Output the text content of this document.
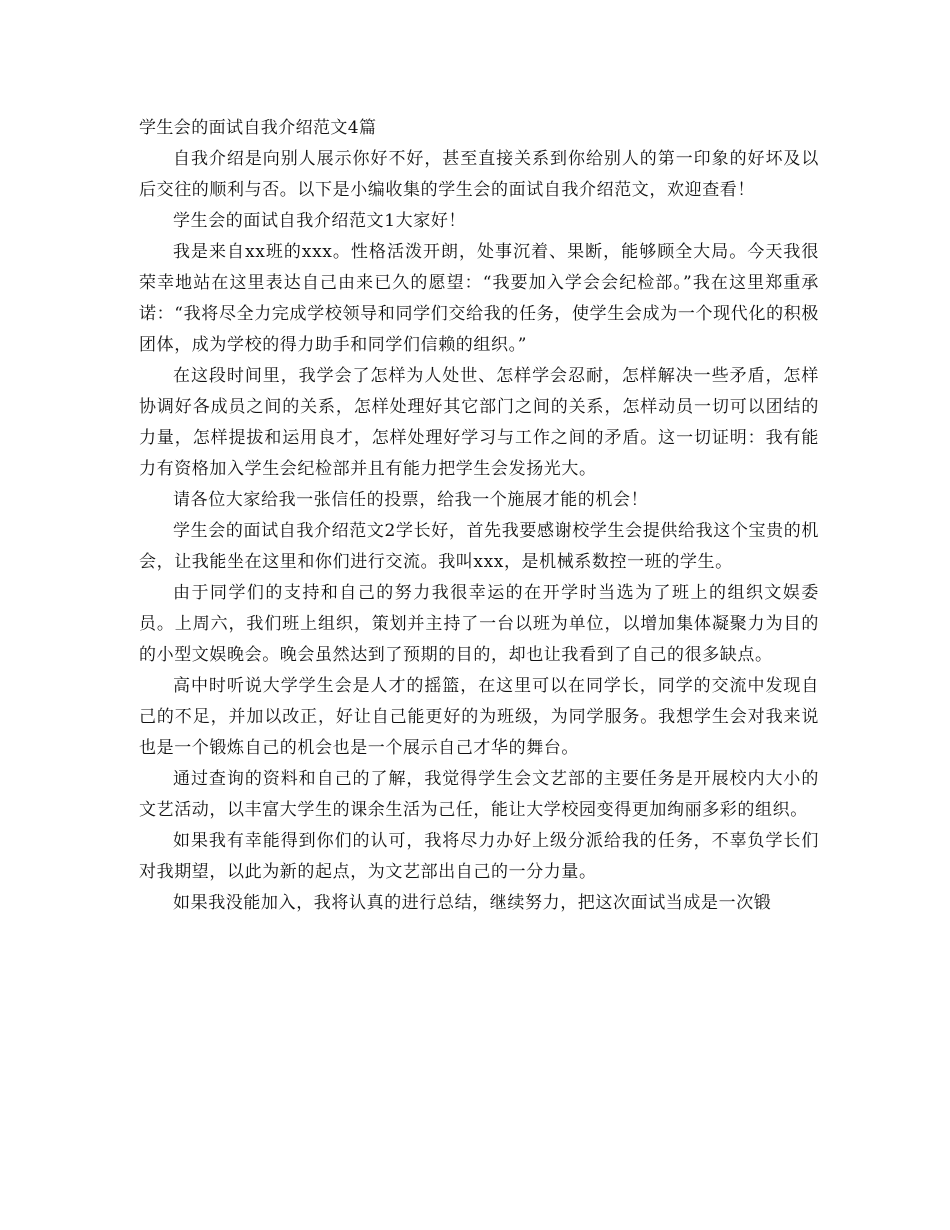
学生会的面试自我介绍范文4篇

自我介绍是向别人展示你好不好，甚至直接关系到你给别人的第一印象的好坏及以后交往的顺利与否。以下是小编收集的学生会的面试自我介绍范文，欢迎查看！

学生会的面试自我介绍范文1大家好！

我是来自xx班的xxx。性格活泼开朗，处事沉着、果断，能够顾全大局。今天我很荣幸地站在这里表达自己由来已久的愿望：“我要加入学会会纪检部。”我在这里郑重承诺：“我将尽全力完成学校领导和同学们交给我的任务，使学生会成为一个现代化的积极团体，成为学校的得力助手和同学们信赖的组织。”

在这段时间里，我学会了怎样为人处世、怎样学会忍耐，怎样解决一些矛盾，怎样协调好各成员之间的关系，怎样处理好其它部门之间的关系，怎样动员一切可以团结的力量，怎样提拔和运用良才，怎样处理好学习与工作之间的矛盾。这一切证明：我有能力有资格加入学生会纪检部并且有能力把学生会发扬光大。

请各位大家给我一张信任的投票，给我一个施展才能的机会！

学生会的面试自我介绍范文2学长好，首先我要感谢校学生会提供给我这个宝贵的机会，让我能坐在这里和你们进行交流。我叫xxx，是机械系数控一班的学生。

由于同学们的支持和自己的努力我很幸运的在开学时当选为了班上的组织文娱委员。上周六，我们班上组织，策划并主持了一台以班为单位，以增加集体凝聚力为目的的小型文娱晚会。晚会虽然达到了预期的目的，却也让我看到了自己的很多缺点。

高中时听说大学学生会是人才的摇篮，在这里可以在同学长，同学的交流中发现自己的不足，并加以改正，好让自己能更好的为班级，为同学服务。我想学生会对我来说也是一个锻炼自己的机会也是一个展示自己才华的舞台。

通过查询的资料和自己的了解，我觉得学生会文艺部的主要任务是开展校内大小的文艺活动，以丰富大学生的课余生活为己任，能让大学校园变得更加绚丽多彩的组织。

如果我有幸能得到你们的认可，我将尽力办好上级分派给我的任务，不辜负学长们对我期望，以此为新的起点，为文艺部出自己的一分力量。

如果我没能加入，我将认真的进行总结，继续努力，把这次面试当成是一次锻
